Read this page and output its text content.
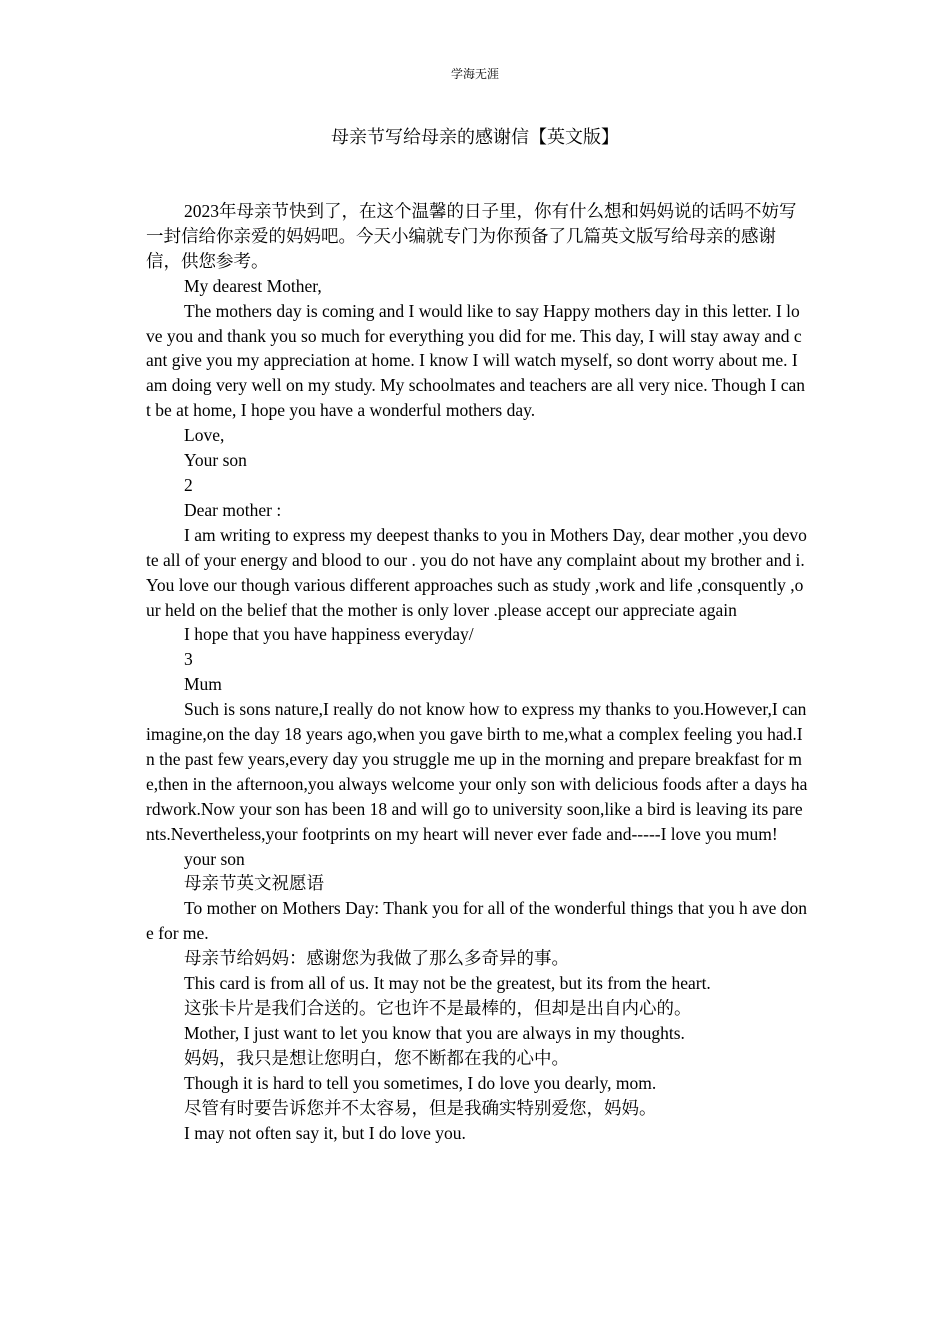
学海无涯
母亲节写给母亲的感谢信【英文版】

2023年母亲节快到了，在这个温馨的日子里，你有什么想和妈妈说的话吗不妨写一封信给你亲爱的妈妈吧。今天小编就专门为你预备了几篇英文版写给母亲的感谢信，供您参考。

My dearest Mother,

The mothers day is coming and I would like to say Happy mothers day in this letter. I love you and thank you so much for everything you did for me. This day, I will stay away and cant give you my appreciation at home. I know I will watch myself, so dont worry about me. I am doing very well on my study. My schoolmates and teachers are all very nice. Though I cant be at home, I hope you have a wonderful mothers day.

Love,

Your son

2

Dear mother :

I am writing to express my deepest thanks to you in Mothers Day, dear mother ,you devote all of your energy and blood to our . you do not have any complaint about my brother and i.You love our though various different approaches such as study ,work and life ,consquently ,our held on the belief that the mother is only lover .please accept our appreciate again

I hope that you have happiness everyday/

3

Mum

Such is sons nature,I really do not know how to express my thanks to you.However,I can imagine,on the day 18 years ago,when you gave birth to me,what a complex feeling you had.In the past few years,every day you struggle me up in the morning and prepare breakfast for me,then in the afternoon,you always welcome your only son with delicious foods after a days hardwork.Now your son has been 18 and will go to university soon,like a bird is leaving its parents.Nevertheless,your footprints on my heart will never ever fade and-----I love you mum!

your son

母亲节英文祝愿语

To mother on Mothers Day: Thank you for all of the wonderful things that you h ave done for me.

母亲节给妈妈：感谢您为我做了那么多奇异的事。

This card is from all of us. It may not be the greatest, but its from the heart.

这张卡片是我们合送的。它也许不是最棒的，但却是出自内心的。

Mother, I just want to let you know that you are always in my thoughts.

妈妈，我只是想让您明白，您不断都在我的心中。

Though it is hard to tell you sometimes, I do love you dearly, mom.

尽管有时要告诉您并不太容易，但是我确实特别爱您，妈妈。

I may not often say it, but I do love you.
